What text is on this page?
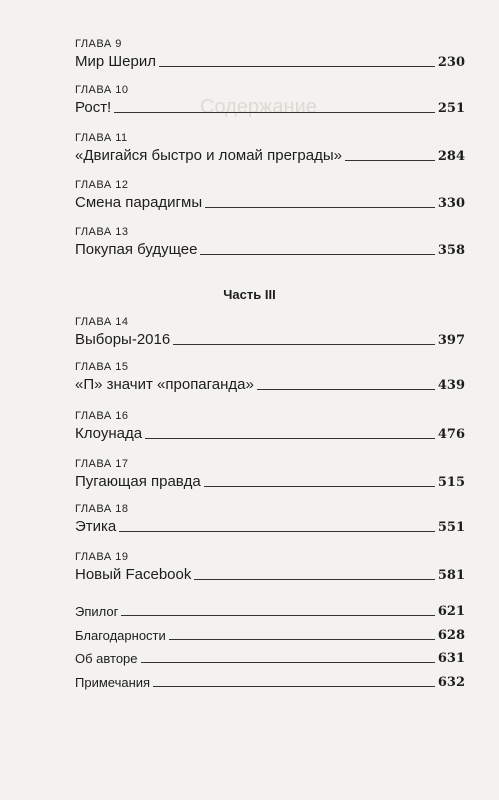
Содержание
ГЛАВА 9
Мир Шерил	230
ГЛАВА 10
Рост!	251
ГЛАВА 11
«Двигайся быстро и ломай преграды»	284
ГЛАВА 12
Смена парадигмы	330
ГЛАВА 13
Покупая будущее	358
Часть III
ГЛАВА 14
Выборы-2016	397
ГЛАВА 15
«П» значит «пропаганда»	439
ГЛАВА 16
Клоунада	476
ГЛАВА 17
Пугающая правда	515
ГЛАВА 18
Этика	551
ГЛАВА 19
Новый Facebook	581
Эпилог	621
Благодарности	628
Об авторе	631
Примечания	632
